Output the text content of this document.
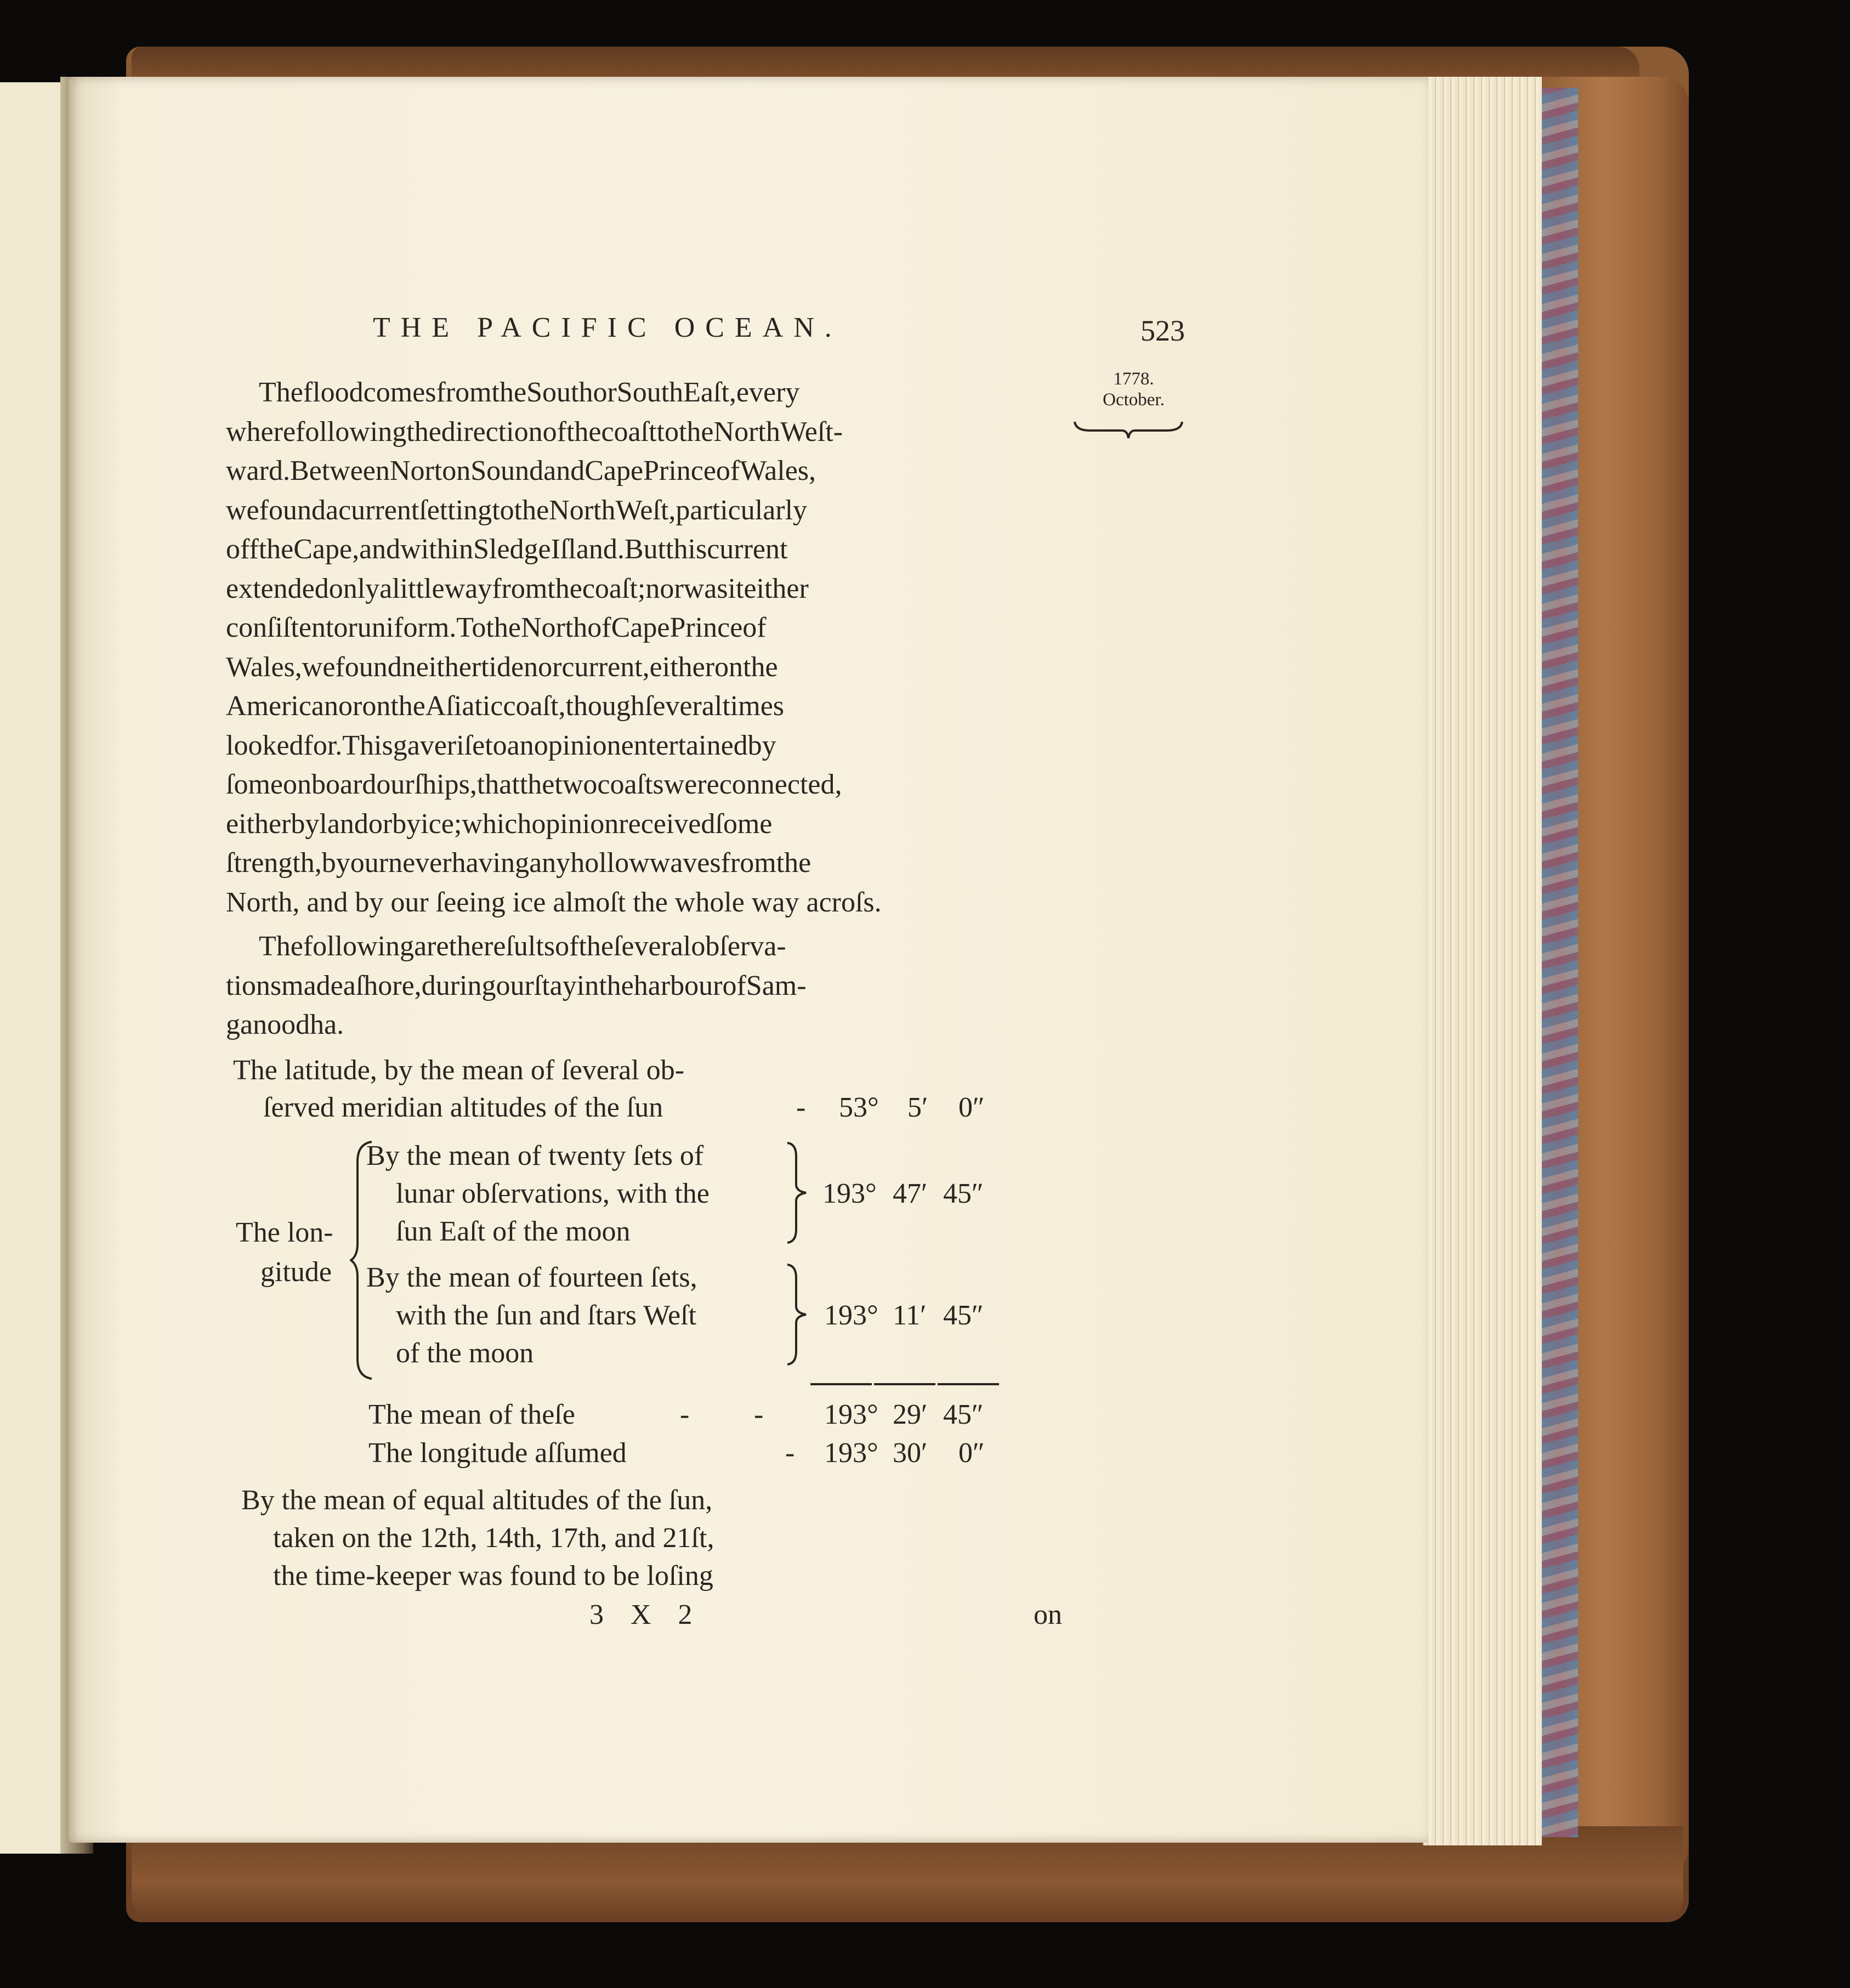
THE PACIFIC OCEAN.	523
1778.
October.
ThefloodcomesfromtheSouthorSouthEaſt,every
wherefollowingthedirectionofthecoaſttotheNorthWeſt-
ward.BetweenNortonSoundandCapePrinceofWales,
wefoundacurrentſettingtotheNorthWeſt,particularly
offtheCape,andwithinSledgeIſland.Butthiscurrent
extendedonlyalittlewayfromthecoaſt;norwasiteither
conſiſtentoruniform.TotheNorthofCapePrinceof
Wales,wefoundneithertidenorcurrent,eitheronthe
AmericanorontheAſiaticcoaſt,thoughſeveraltimes
lookedfor.Thisgaveriſetoanopinionentertainedby
ſomeonboardourſhips,thatthetwocoaſtswereconnected,
eitherbylandorbyice;whichopinionreceivedſome
ſtrength,byourneverhavinganyhollowwavesfromthe
North, and by our ſeeing ice almoſt the whole way acroſs.
Thefollowingarethereſultsoftheſeveralobſerva-
tionsmadeaſhore,duringourſtayintheharbourofSam-
ganoodha.
The latitude, by the mean of ſeveral ob-
ſerved meridian altitudes of the ſun	- 53° 5′ 0″
The lon-
gitude
By the mean of twenty ſets of
lunar obſervations, with the
ſun Eaſt of the moon
193° 47′ 45″
By the mean of fourteen ſets,
with the ſun and ſtars Weſt
of the moon
193° 11′ 45″
The mean of theſe	- - 193° 29′ 45″
The longitude aſſumed	- 193° 30′ 0″
By the mean of equal altitudes of the ſun,
taken on the 12th, 14th, 17th, and 21ſt,
the time-keeper was found to be loſing
3 X 2	on
